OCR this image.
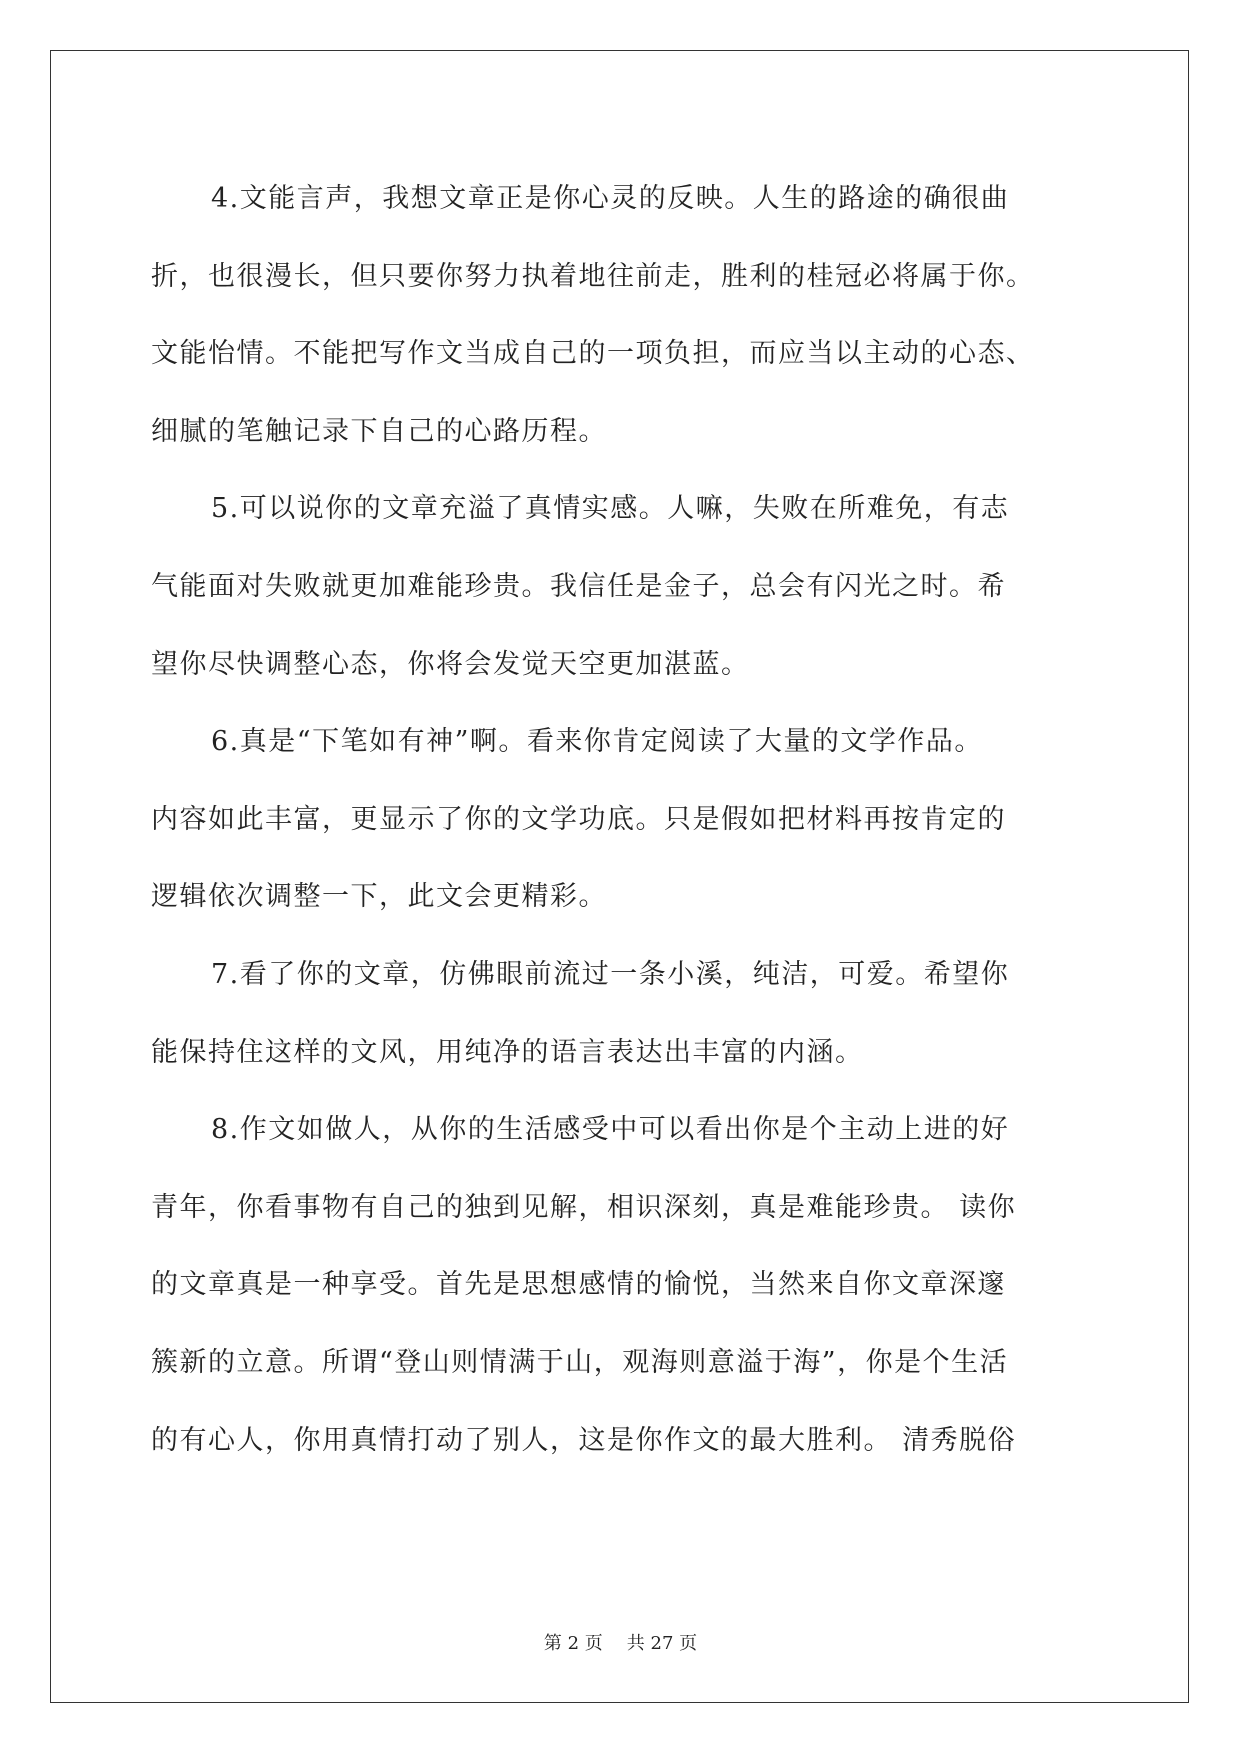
4.文能言声，我想文章正是你心灵的反映。人生的路途的确很曲
折，也很漫长，但只要你努力执着地往前走，胜利的桂冠必将属于你。
文能怡情。不能把写作文当成自己的一项负担，而应当以主动的心态、
细腻的笔触记录下自己的心路历程。
5.可以说你的文章充溢了真情实感。人嘛，失败在所难免，有志
气能面对失败就更加难能珍贵。我信任是金子，总会有闪光之时。希
望你尽快调整心态，你将会发觉天空更加湛蓝。
6.真是“下笔如有神”啊。看来你肯定阅读了大量的文学作品。
内容如此丰富，更显示了你的文学功底。只是假如把材料再按肯定的
逻辑依次调整一下，此文会更精彩。
7.看了你的文章，仿佛眼前流过一条小溪，纯洁，可爱。希望你
能保持住这样的文风，用纯净的语言表达出丰富的内涵。
8.作文如做人，从你的生活感受中可以看出你是个主动上进的好
青年，你看事物有自己的独到见解，相识深刻，真是难能珍贵。 读你
的文章真是一种享受。首先是思想感情的愉悦，当然来自你文章深邃
簇新的立意。所谓“登山则情满于山，观海则意溢于海”，你是个生活
的有心人，你用真情打动了别人，这是你作文的最大胜利。 清秀脱俗
第 2 页 共 27 页
